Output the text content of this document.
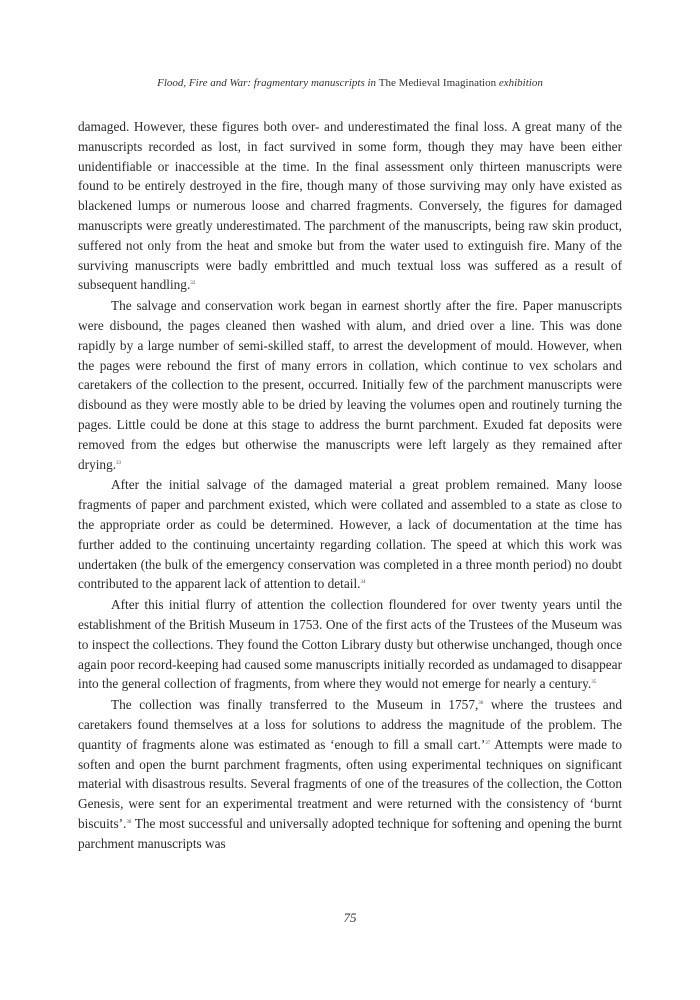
Flood, Fire and War: fragmentary manuscripts in The Medieval Imagination exhibition

damaged. However, these figures both over- and underestimated the final loss. A great many of the manuscripts recorded as lost, in fact survived in some form, though they may have been either unidentifiable or inaccessible at the time. In the final assessment only thirteen manuscripts were found to be entirely destroyed in the fire, though many of those surviving may only have existed as blackened lumps or numerous loose and charred fragments. Conversely, the figures for damaged manuscripts were greatly underestimated. The parchment of the manuscripts, being raw skin product, suffered not only from the heat and smoke but from the water used to extinguish fire. Many of the surviving manuscripts were badly embrittled and much textual loss was suffered as a result of subsequent handling.$^{32}$

The salvage and conservation work began in earnest shortly after the fire. Paper manuscripts were disbound, the pages cleaned then washed with alum, and dried over a line. This was done rapidly by a large number of semi-skilled staff, to arrest the development of mould. However, when the pages were rebound the first of many errors in collation, which continue to vex scholars and caretakers of the collection to the present, occurred. Initially few of the parchment manuscripts were disbound as they were mostly able to be dried by leaving the volumes open and routinely turning the pages. Little could be done at this stage to address the burnt parchment. Exuded fat deposits were removed from the edges but otherwise the manuscripts were left largely as they remained after drying.$^{33}$

After the initial salvage of the damaged material a great problem remained. Many loose fragments of paper and parchment existed, which were collated and assembled to a state as close to the appropriate order as could be determined. However, a lack of documentation at the time has further added to the continuing uncertainty regarding collation. The speed at which this work was undertaken (the bulk of the emergency conservation was completed in a three month period) no doubt contributed to the apparent lack of attention to detail.$^{34}$

After this initial flurry of attention the collection floundered for over twenty years until the establishment of the British Museum in 1753. One of the first acts of the Trustees of the Museum was to inspect the collections. They found the Cotton Library dusty but otherwise unchanged, though once again poor record-keeping had caused some manuscripts initially recorded as undamaged to disappear into the general collection of fragments, from where they would not emerge for nearly a century.$^{35}$

The collection was finally transferred to the Museum in 1757,36 where the trustees and caretakers found themselves at a loss for solutions to address the magnitude of the problem. The quantity of fragments alone was estimated as ‘enough to fill a small cart.’$^{37}$ Attempts were made to soften and open the burnt parchment fragments, often using experimental techniques on significant material with disastrous results. Several fragments of one of the treasures of the collection, the Cotton Genesis, were sent for an experimental treatment and were returned with the consistency of ‘burnt biscuits’.$^{38}$ The most successful and universally adopted technique for softening and opening the burnt parchment manuscripts was

75
